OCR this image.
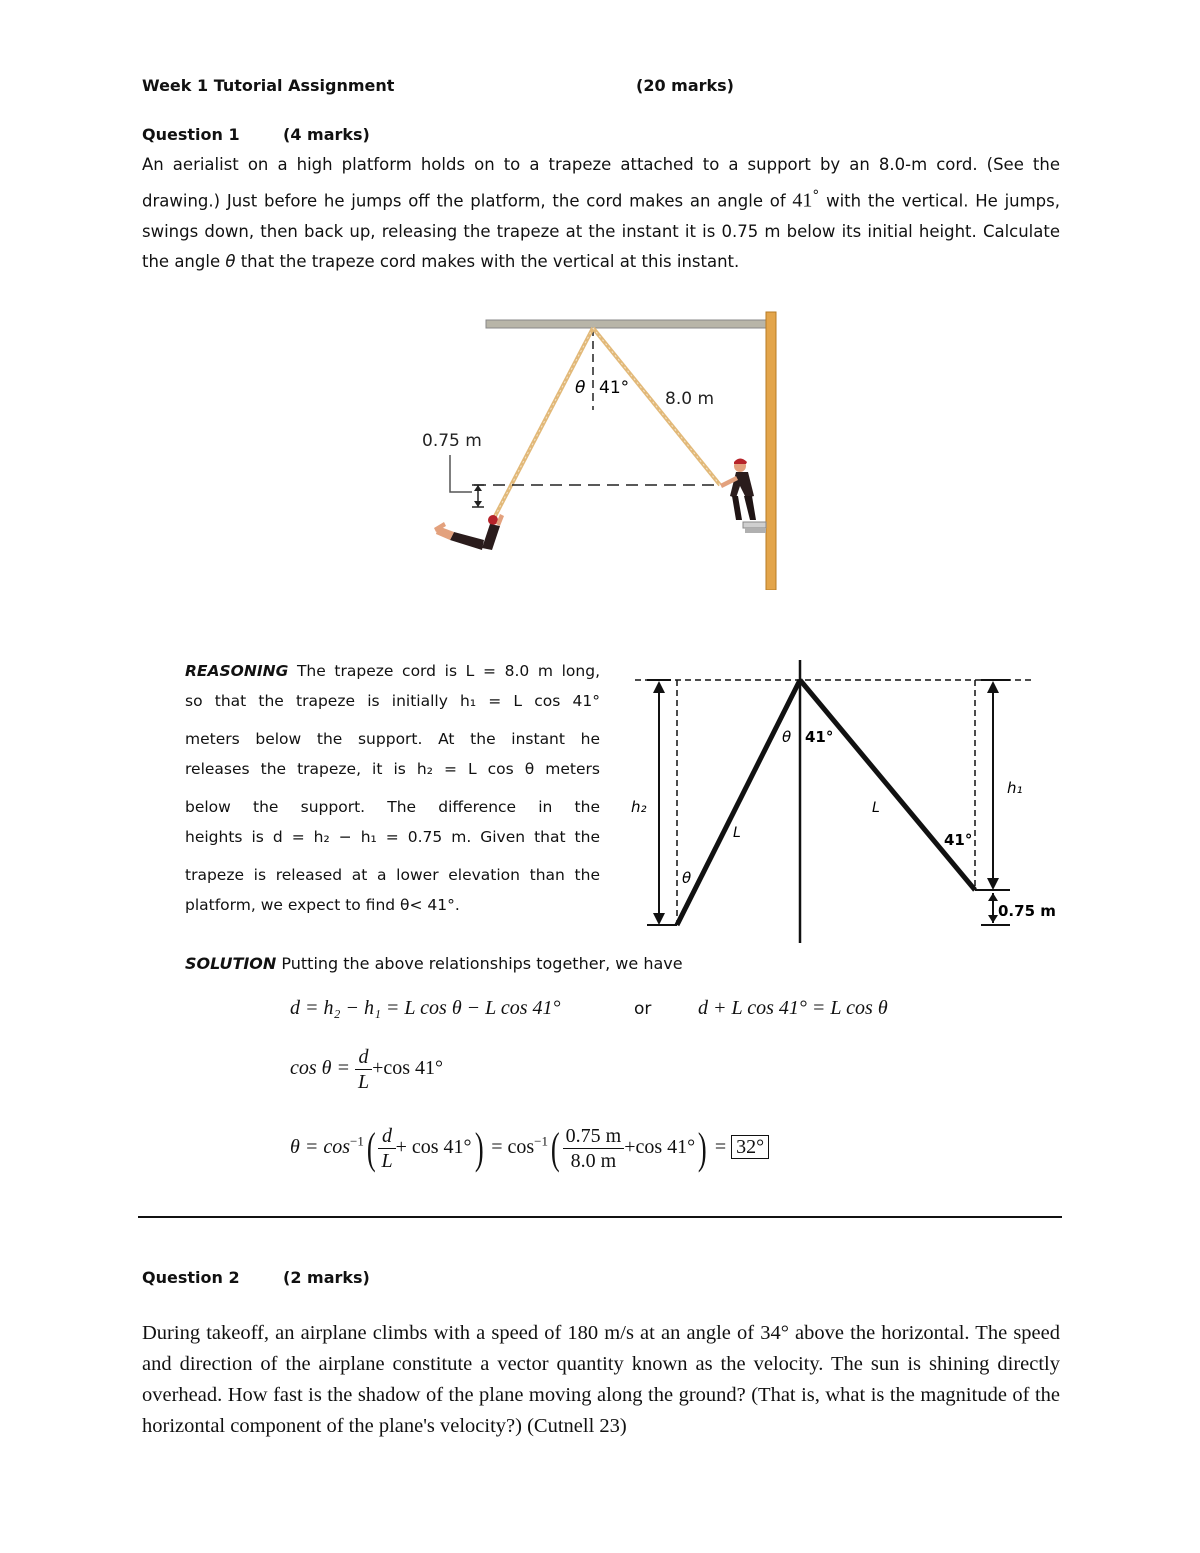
Week 1 Tutorial Assignment	(20 marks)
Question 1	(4 marks)
An aerialist on a high platform holds on to a trapeze attached to a support by an 8.0-m cord. (See the drawing.) Just before he jumps off the platform, the cord makes an angle of 41° with the vertical. He jumps, swings down, then back up, releasing the trapeze at the instant it is 0.75 m below its initial height. Calculate the angle θ that the trapeze cord makes with the vertical at this instant.
θ 41°
8.0 m
0.75 m
REASONING The trapeze cord is L = 8.0 m long,
so that the trapeze is initially h₁ = L cos 41°
meters below the support. At the instant he
releases the trapeze, it is h₂ = L cos θ meters
below the support. The difference in the
heights is d = h₂ − h₁ = 0.75 m. Given that the
trapeze is released at a lower elevation than the
platform, we expect to find θ< 41°.
h₂
h₁
θ 41°
L
L
θ
41°
0.75 m
SOLUTION Putting the above relationships together, we have
d = h₂ − h₁ = L cos θ − L cos 41°	or d + L cos 41° = L cos θ
$\cos \theta = \frac{d}{L} +\cos$ 41°
$\theta = \cos^{-1}( \frac{d}{L} + \cos 41^\circ) = \cos^{-1}( \frac{0.75 m}{8.0 m} +\cos$ 41°) = 32°
Question 2	(2 marks)
During takeoff, an airplane climbs with a speed of 180 m/s at an angle of 34° above the horizontal. The speed and direction of the airplane constitute a vector quantity known as the velocity. The sun is shining directly overhead. How fast is the shadow of the plane moving along the ground? (That is, what is the magnitude of the horizontal component of the plane's velocity?) (Cutnell 23)
